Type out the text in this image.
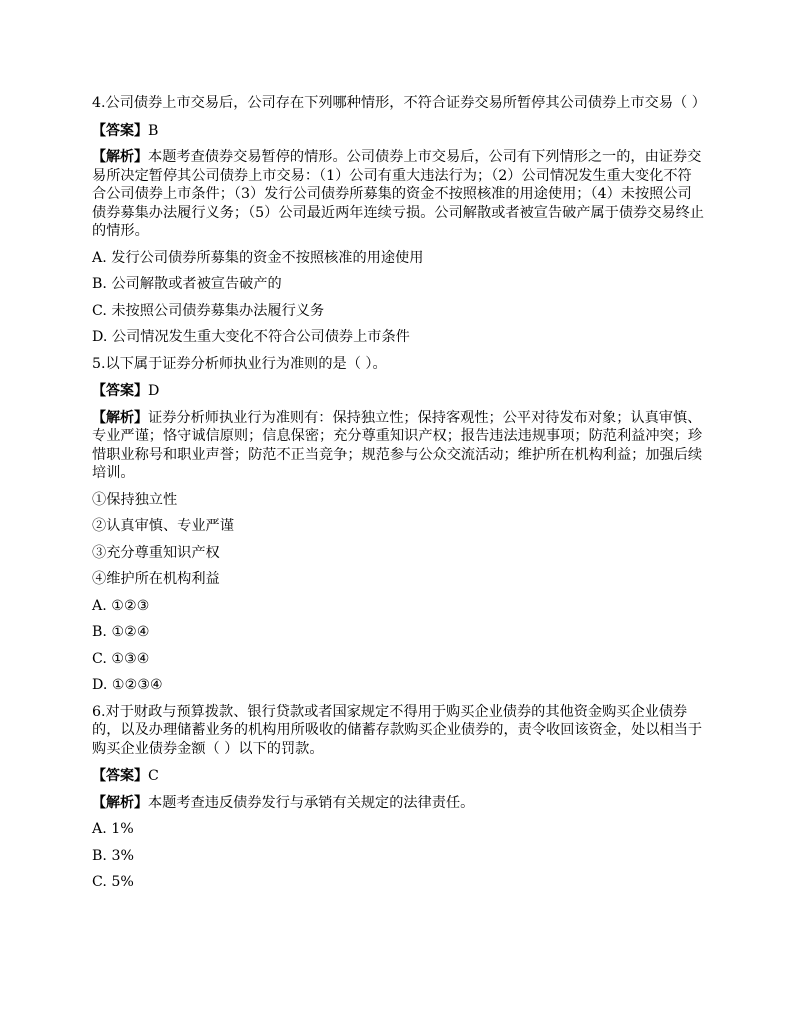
4.公司债券上市交易后，公司存在下列哪种情形，不符合证券交易所暂停其公司债券上市交易（ ）

【答案】B

【解析】本题考查债券交易暂停的情形。公司债券上市交易后，公司有下列情形之一的，由证券交易所决定暂停其公司债券上市交易：（1）公司有重大违法行为；（2）公司情况发生重大变化不符合公司债券上市条件；（3）发行公司债券所募集的资金不按照核准的用途使用；（4）未按照公司债券募集办法履行义务；（5）公司最近两年连续亏损。公司解散或者被宣告破产属于债券交易终止的情形。

A. 发行公司债券所募集的资金不按照核准的用途使用

B. 公司解散或者被宣告破产的

C. 未按照公司债券募集办法履行义务

D. 公司情况发生重大变化不符合公司债券上市条件

5.以下属于证券分析师执业行为准则的是（ ）。

【答案】D

【解析】证券分析师执业行为准则有：保持独立性；保持客观性；公平对待发布对象；认真审慎、专业严谨；恪守诚信原则；信息保密；充分尊重知识产权；报告违法违规事项；防范利益冲突；珍惜职业称号和职业声誉；防范不正当竞争；规范参与公众交流活动；维护所在机构利益；加强后续培训。

①保持独立性

②认真审慎、专业严谨

③充分尊重知识产权

④维护所在机构利益

A. ①②③

B. ①②④

C. ①③④

D. ①②③④

6.对于财政与预算拨款、银行贷款或者国家规定不得用于购买企业债券的其他资金购买企业债券的，以及办理储蓄业务的机构用所吸收的储蓄存款购买企业债券的，责令收回该资金，处以相当于购买企业债券金额（ ）以下的罚款。

【答案】C

【解析】本题考查违反债券发行与承销有关规定的法律责任。

A. 1%

B. 3%

C. 5%
